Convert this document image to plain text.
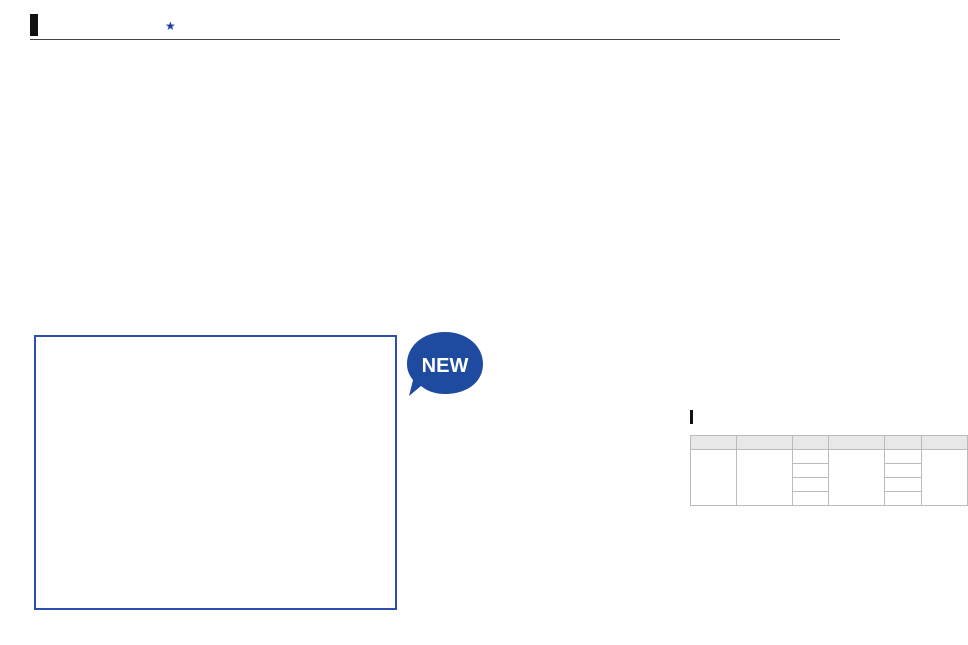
★
NEW
